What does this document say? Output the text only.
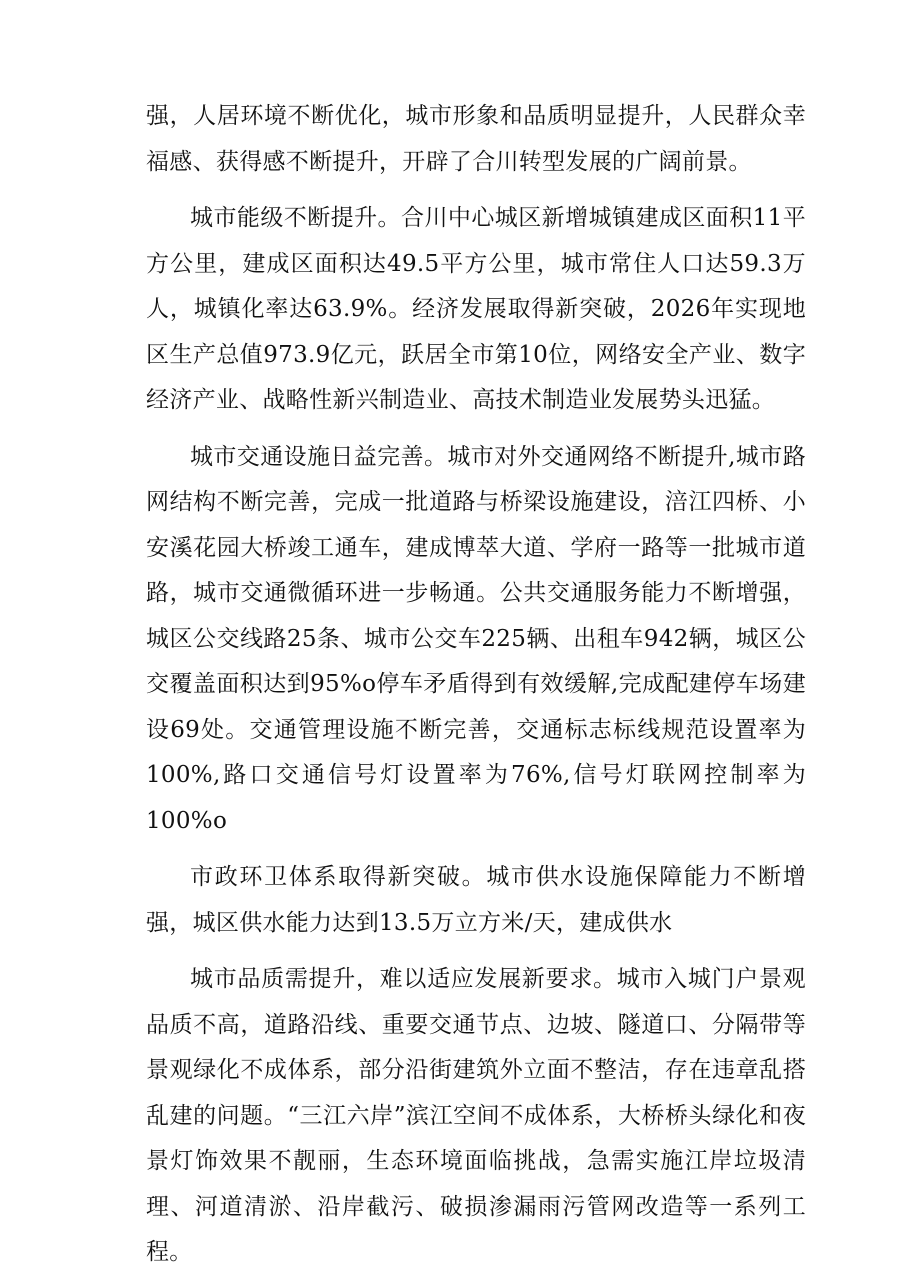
强，人居环境不断优化，城市形象和品质明显提升，人民群众幸福感、获得感不断提升，开辟了合川转型发展的广阔前景。

城市能级不断提升。合川中心城区新增城镇建成区面积11平方公里，建成区面积达49.5平方公里，城市常住人口达59.3万人，城镇化率达63.9%。经济发展取得新突破，2026年实现地区生产总值973.9亿元，跃居全市第10位，网络安全产业、数字经济产业、战略性新兴制造业、高技术制造业发展势头迅猛。

城市交通设施日益完善。城市对外交通网络不断提升,城市路网结构不断完善，完成一批道路与桥梁设施建设，涪江四桥、小安溪花园大桥竣工通车，建成博萃大道、学府一路等一批城市道路，城市交通微循环进一步畅通。公共交通服务能力不断增强，城区公交线路25条、城市公交车225辆、出租车942辆，城区公交覆盖面积达到95%o停车矛盾得到有效缓解,完成配建停车场建设69处。交通管理设施不断完善，交通标志标线规范设置率为100%,路口交通信号灯设置率为76%,信号灯联网控制率为100%o

市政环卫体系取得新突破。城市供水设施保障能力不断增强，城区供水能力达到13.5万立方米/天，建成供水

城市品质需提升，难以适应发展新要求。城市入城门户景观品质不高，道路沿线、重要交通节点、边坡、隧道口、分隔带等景观绿化不成体系，部分沿街建筑外立面不整洁，存在违章乱搭乱建的问题。“三江六岸”滨江空间不成体系，大桥桥头绿化和夜景灯饰效果不靓丽，生态环境面临挑战，急需实施江岸垃圾清理、河道清淤、沿岸截污、破损渗漏雨污管网改造等一系列工程。
